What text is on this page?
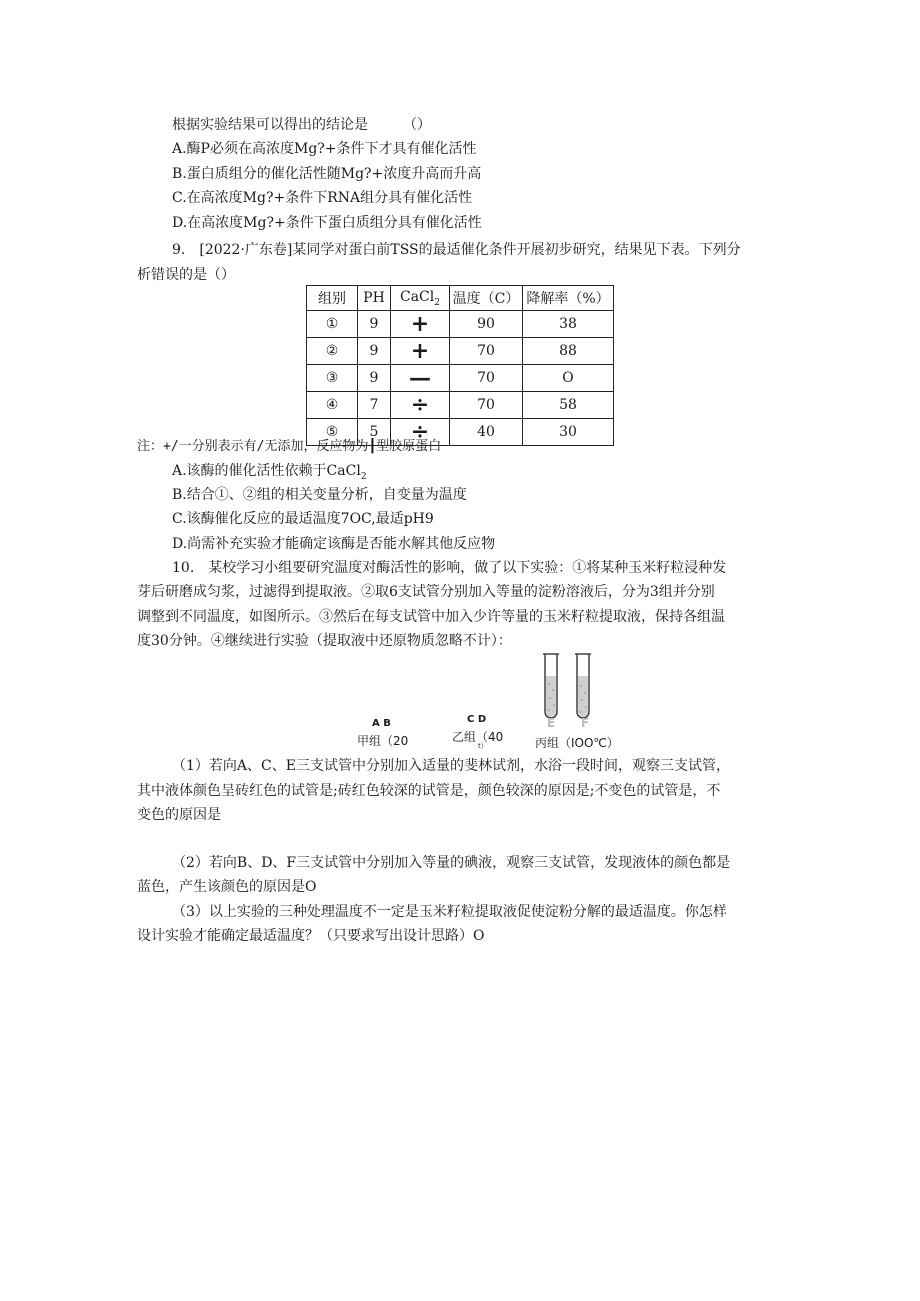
根据实验结果可以得出的结论是　　　（）
A.酶P必须在高浓度Mg?+条件下才具有催化活性
B.蛋白质组分的催化活性随Mg?+浓度升高而升高
C.在高浓度Mg?+条件下RNA组分具有催化活性
D.在高浓度Mg?+条件下蛋白质组分具有催化活性
9.　[2022·广东卷]某同学对蛋白前TSS的最适催化条件开展初步研究，结果见下表。下列分
析错误的是（）
组别	PH	CaCl$_2$	温度（C）	降解率（%）
①	9	+	90	38
②	9	+	70	88
③	9	—	70	O
④	7	÷	70	58
⑤	5	÷	40	30
注：+/一分别表示有/无添加，反应物为┃型胶原蛋白
A.该酶的催化活性依赖于CaCl$_2$
B.结合①、②组的相关变量分析，自变量为温度
C.该酶催化反应的最适温度7OC,最适pH9
D.尚需补充实验才能确定该酶是否能水解其他反应物
10.　某校学习小组要研究温度对酶活性的影响，做了以下实验：①将某种玉米籽粒浸种发
芽后研磨成匀浆，过滤得到提取液。②取6支试管分别加入等量的淀粉溶液后，分为3组并分别
调整到不同温度，如图所示。③然后在每支试管中加入少许等量的玉米籽粒提取液，保持各组温
度30分钟。④继续进行实验（提取液中还原物质忽略不计）：
A B
甲组（20
C D
乙组（40
t）
E F
丙组（IOO℃）
（1）若向A、C、E三支试管中分别加入适量的斐林试剂，水浴一段时间，观察三支试管，
其中液体颜色呈砖红色的试管是;砖红色较深的试管是，颜色较深的原因是;不变色的试管是，不
变色的原因是
（2）若向B、D、F三支试管中分别加入等量的碘液，观察三支试管，发现液体的颜色都是
蓝色，产生该颜色的原因是O
（3）以上实验的三种处理温度不一定是玉米籽粒提取液促使淀粉分解的最适温度。你怎样
设计实验才能确定最适温度？（只要求写出设计思路）O
